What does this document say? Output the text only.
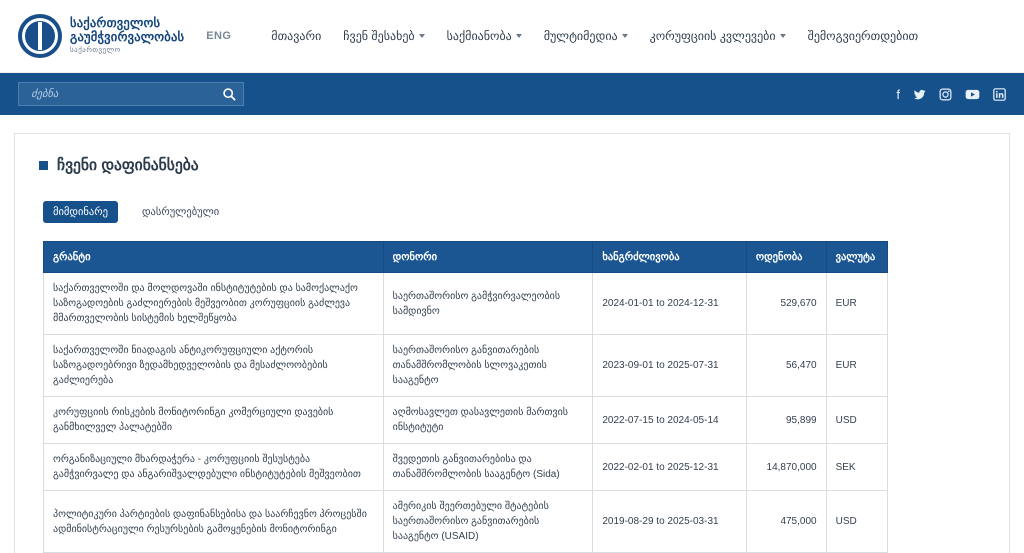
საქართველოს
გაუმჭვირვალობას
საქართველო
ENG	მთავარი ჩვენ შესახებ	საქმიანობა	მულტიმედია	კორუფციის კვლევები	შემოგვიერთდებით
ძებნა
f
ჩვენი დაფინანსება
მიმდინარე	დასრულებული
გრანტი	დონორი	ხანგრძლივობა	ოდენობა	ვალუტა
საქართველოში და მოლდოვაში ინსტიტუტების და სამოქალაქო საზოგადოების გაძლიერების მეშვეობით კორუფციის გაძლევა მმართველობის სისტემის ხელშეწყობა	საერთაშორისო გამჭვირვალეობის სამდივნო	2024-01-01 to 2024-12-31	529,670	EUR
საქართველოში ნიადაგის ანტიკორუფციული აქტორის საზოგადოებრივი ზედამხედველობის და მესაძლოობების გაძლიერება	საერთაშორისო განვითარების თანამშრომლობის სლოვაკეთის სააგენტო	2023-09-01 to 2025-07-31	56,470	EUR
კორუფციის რისკების მონიტორინგი კომერციული დავების განმხილველ პალატებში	აღმოსავლეთ დასავლეთის მართვის ინსტიტუტი	2022-07-15 to 2024-05-14	95,899	USD
ორგანიზაციული მხარდაჭერა - კორუფციის შესუსტება გამჭვირვალე და ანგარიშვალდებული ინსტიტუტების მეშვეობით	შვედეთის განვითარებისა და თანამშრომლობის სააგენტო (Sida)	2022-02-01 to 2025-12-31	14,870,000	SEK
პოლიტიკური პარტიების დაფინანსებისა და საარჩევნო პროცესში ადმინისტრაციული რესურსების გამოყენების მონიტორინგი	ამერიკის შეერთებული შტატების საერთაშორისო განვითარების სააგენტო (USAID)	2019-08-29 to 2025-03-31	475,000	USD
